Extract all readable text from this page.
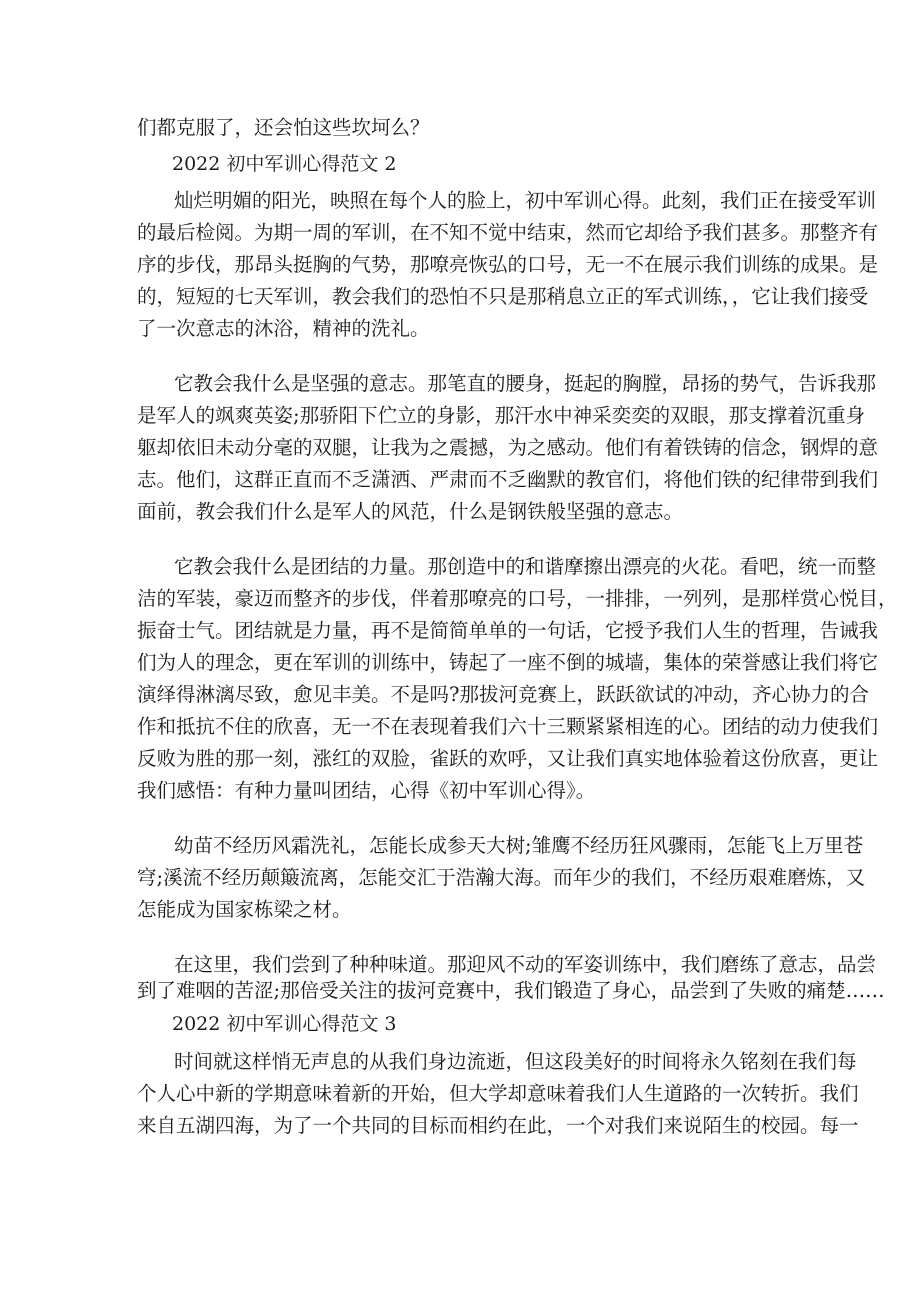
们都克服了，还会怕这些坎坷么？
2022 初中军训心得范文 2
灿烂明媚的阳光，映照在每个人的脸上，初中军训心得。此刻，我们正在接受军训
的最后检阅。为期一周的军训，在不知不觉中结束，然而它却给予我们甚多。那整齐有
序的步伐，那昂头挺胸的气势，那嘹亮恢弘的口号，无一不在展示我们训练的成果。是
的，短短的七天军训，教会我们的恐怕不只是那稍息立正的军式训练，，它让我们接受
了一次意志的沐浴，精神的洗礼。
它教会我什么是坚强的意志。那笔直的腰身，挺起的胸膛，昂扬的势气，告诉我那
是军人的飒爽英姿;那骄阳下伫立的身影，那汗水中神采奕奕的双眼，那支撑着沉重身
躯却依旧未动分毫的双腿，让我为之震撼，为之感动。他们有着铁铸的信念，钢焊的意
志。他们，这群正直而不乏潇洒、严肃而不乏幽默的教官们，将他们铁的纪律带到我们
面前，教会我们什么是军人的风范，什么是钢铁般坚强的意志。
它教会我什么是团结的力量。那创造中的和谐摩擦出漂亮的火花。看吧，统一而整
洁的军装，豪迈而整齐的步伐，伴着那嘹亮的口号，一排排，一列列，是那样赏心悦目，
振奋士气。团结就是力量，再不是简简单单的一句话，它授予我们人生的哲理，告诫我
们为人的理念，更在军训的训练中，铸起了一座不倒的城墙，集体的荣誉感让我们将它
演绎得淋漓尽致，愈见丰美。不是吗?那拔河竞赛上，跃跃欲试的冲动，齐心协力的合
作和抵抗不住的欣喜，无一不在表现着我们六十三颗紧紧相连的心。团结的动力使我们
反败为胜的那一刻，涨红的双脸，雀跃的欢呼，又让我们真实地体验着这份欣喜，更让
我们感悟：有种力量叫团结，心得《初中军训心得》。
幼苗不经历风霜洗礼，怎能长成参天大树;雏鹰不经历狂风骤雨，怎能飞上万里苍
穹;溪流不经历颠簸流离，怎能交汇于浩瀚大海。而年少的我们，不经历艰难磨炼，又
怎能成为国家栋梁之材。
在这里，我们尝到了种种味道。那迎风不动的军姿训练中，我们磨练了意志，品尝
到了难咽的苦涩;那倍受关注的拔河竞赛中，我们锻造了身心，品尝到了失败的痛楚……
2022 初中军训心得范文 3
时间就这样悄无声息的从我们身边流逝，但这段美好的时间将永久铭刻在我们每
个人心中新的学期意味着新的开始，但大学却意味着我们人生道路的一次转折。我们
来自五湖四海，为了一个共同的目标而相约在此，一个对我们来说陌生的校园。每一
